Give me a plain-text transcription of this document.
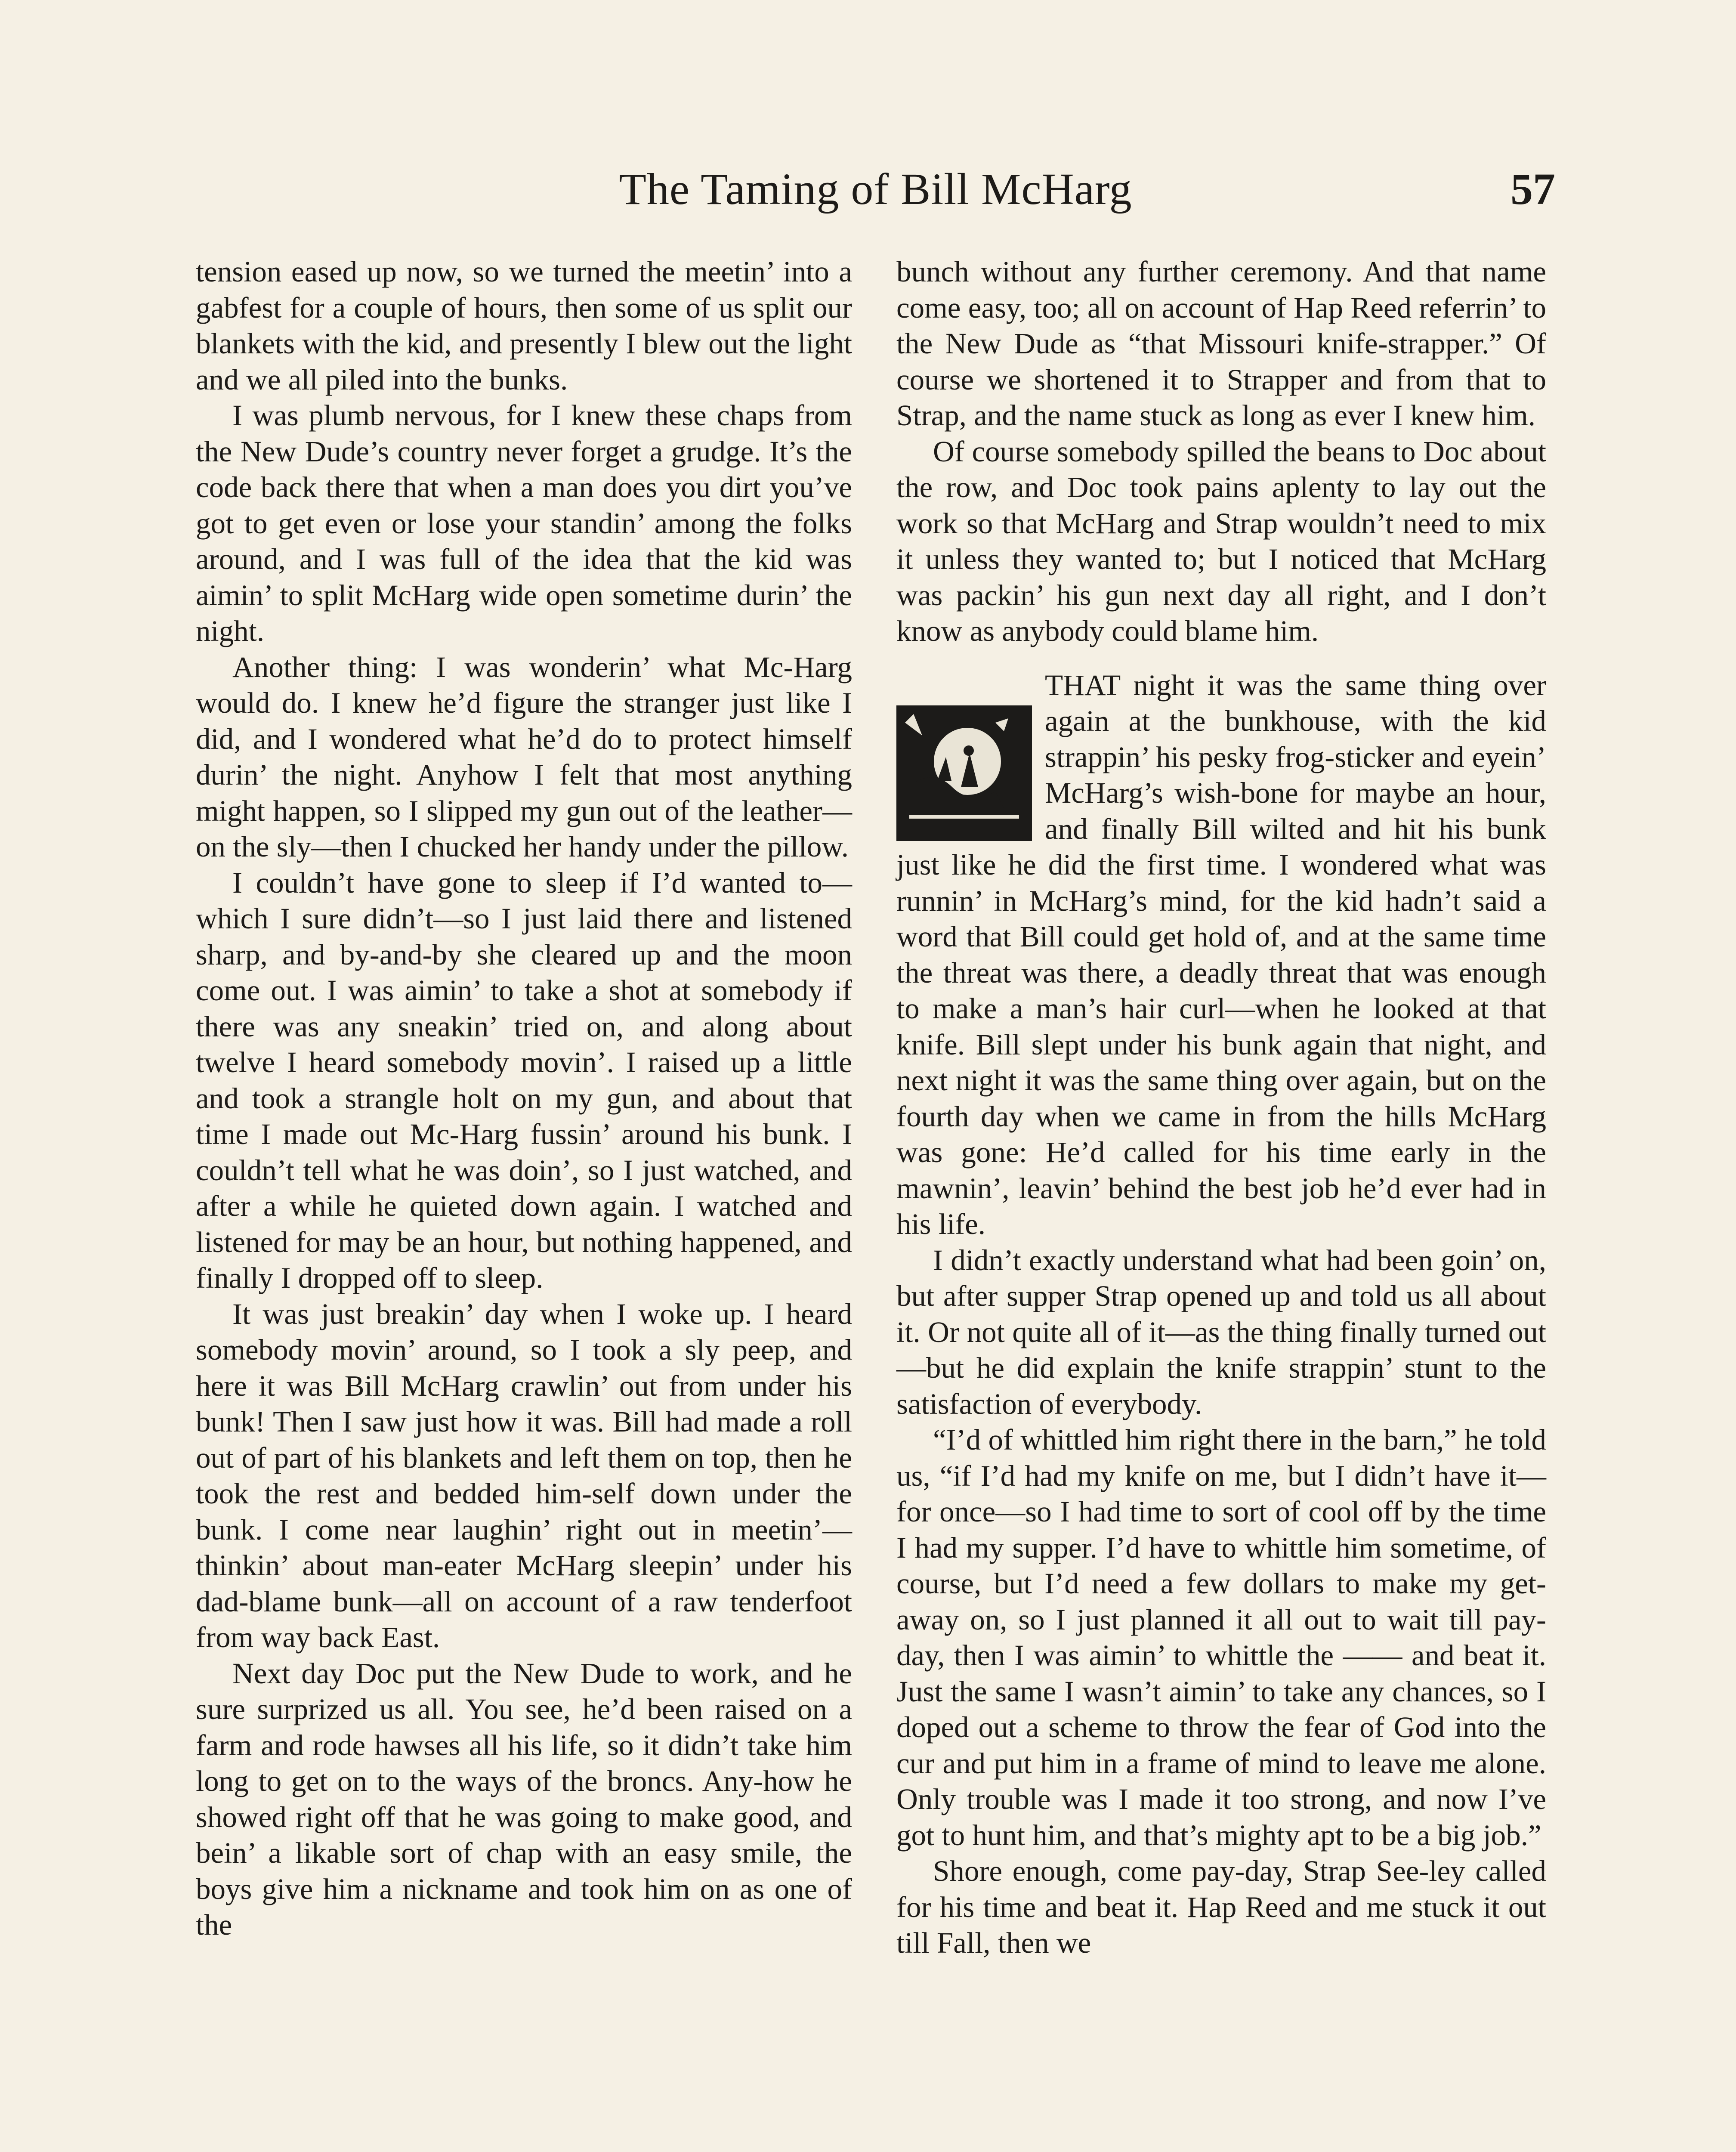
The Taming of Bill McHarg	57

tension eased up now, so we turned the meetin’ into a gabfest for a couple of hours, then some of us split our blankets with the kid, and presently I blew out the light and we all piled into the bunks.

I was plumb nervous, for I knew these chaps from the New Dude’s country never forget a grudge. It’s the code back there that when a man does you dirt you’ve got to get even or lose your standin’ among the folks around, and I was full of the idea that the kid was aimin’ to split McHarg wide open sometime durin’ the night.

Another thing: I was wonderin’ what Mc-Harg would do. I knew he’d figure the stranger just like I did, and I wondered what he’d do to protect himself durin’ the night. Anyhow I felt that most anything might happen, so I slipped my gun out of the leather—on the sly—then I chucked her handy under the pillow.

I couldn’t have gone to sleep if I’d wanted to—which I sure didn’t—so I just laid there and listened sharp, and by-and-by she cleared up and the moon come out. I was aimin’ to take a shot at somebody if there was any sneakin’ tried on, and along about twelve I heard somebody movin’. I raised up a little and took a strangle holt on my gun, and about that time I made out Mc-Harg fussin’ around his bunk. I couldn’t tell what he was doin’, so I just watched, and after a while he quieted down again. I watched and listened for may be an hour, but nothing happened, and finally I dropped off to sleep.

It was just breakin’ day when I woke up. I heard somebody movin’ around, so I took a sly peep, and here it was Bill McHarg crawlin’ out from under his bunk! Then I saw just how it was. Bill had made a roll out of part of his blankets and left them on top, then he took the rest and bedded him-self down under the bunk. I come near laughin’ right out in meetin’—thinkin’ about man-eater McHarg sleepin’ under his dad-blame bunk—all on account of a raw tenderfoot from way back East.

Next day Doc put the New Dude to work, and he sure surprized us all. You see, he’d been raised on a farm and rode hawses all his life, so it didn’t take him long to get on to the ways of the broncs. Any-how he showed right off that he was going to make good, and bein’ a likable sort of chap with an easy smile, the boys give him a nickname and took him on as one of the

bunch without any further ceremony. And that name come easy, too; all on account of Hap Reed referrin’ to the New Dude as “that Missouri knife-strapper.” Of course we shortened it to Strapper and from that to Strap, and the name stuck as long as ever I knew him.

Of course somebody spilled the beans to Doc about the row, and Doc took pains aplenty to lay out the work so that McHarg and Strap wouldn’t need to mix it unless they wanted to; but I noticed that McHarg was packin’ his gun next day all right, and I don’t know as anybody could blame him.

THAT night it was the same thing over again at the bunkhouse, with the kid strappin’ his pesky frog-sticker and eyein’ McHarg’s wish-bone for maybe an hour, and finally Bill wilted and hit his bunk just like he did the first time. I wondered what was runnin’ in McHarg’s mind, for the kid hadn’t said a word that Bill could get hold of, and at the same time the threat was there, a deadly threat that was enough to make a man’s hair curl—when he looked at that knife. Bill slept under his bunk again that night, and next night it was the same thing over again, but on the fourth day when we came in from the hills McHarg was gone: He’d called for his time early in the mawnin’, leavin’ behind the best job he’d ever had in his life.

I didn’t exactly understand what had been goin’ on, but after supper Strap opened up and told us all about it. Or not quite all of it—as the thing finally turned out—but he did explain the knife strappin’ stunt to the satisfaction of everybody.

“I’d of whittled him right there in the barn,” he told us, “if I’d had my knife on me, but I didn’t have it—for once—so I had time to sort of cool off by the time I had my supper. I’d have to whittle him sometime, of course, but I’d need a few dollars to make my get-away on, so I just planned it all out to wait till pay-day, then I was aimin’ to whittle the —— and beat it. Just the same I wasn’t aimin’ to take any chances, so I doped out a scheme to throw the fear of God into the cur and put him in a frame of mind to leave me alone. Only trouble was I made it too strong, and now I’ve got to hunt him, and that’s mighty apt to be a big job.”

Shore enough, come pay-day, Strap See-ley called for his time and beat it. Hap Reed and me stuck it out till Fall, then we
